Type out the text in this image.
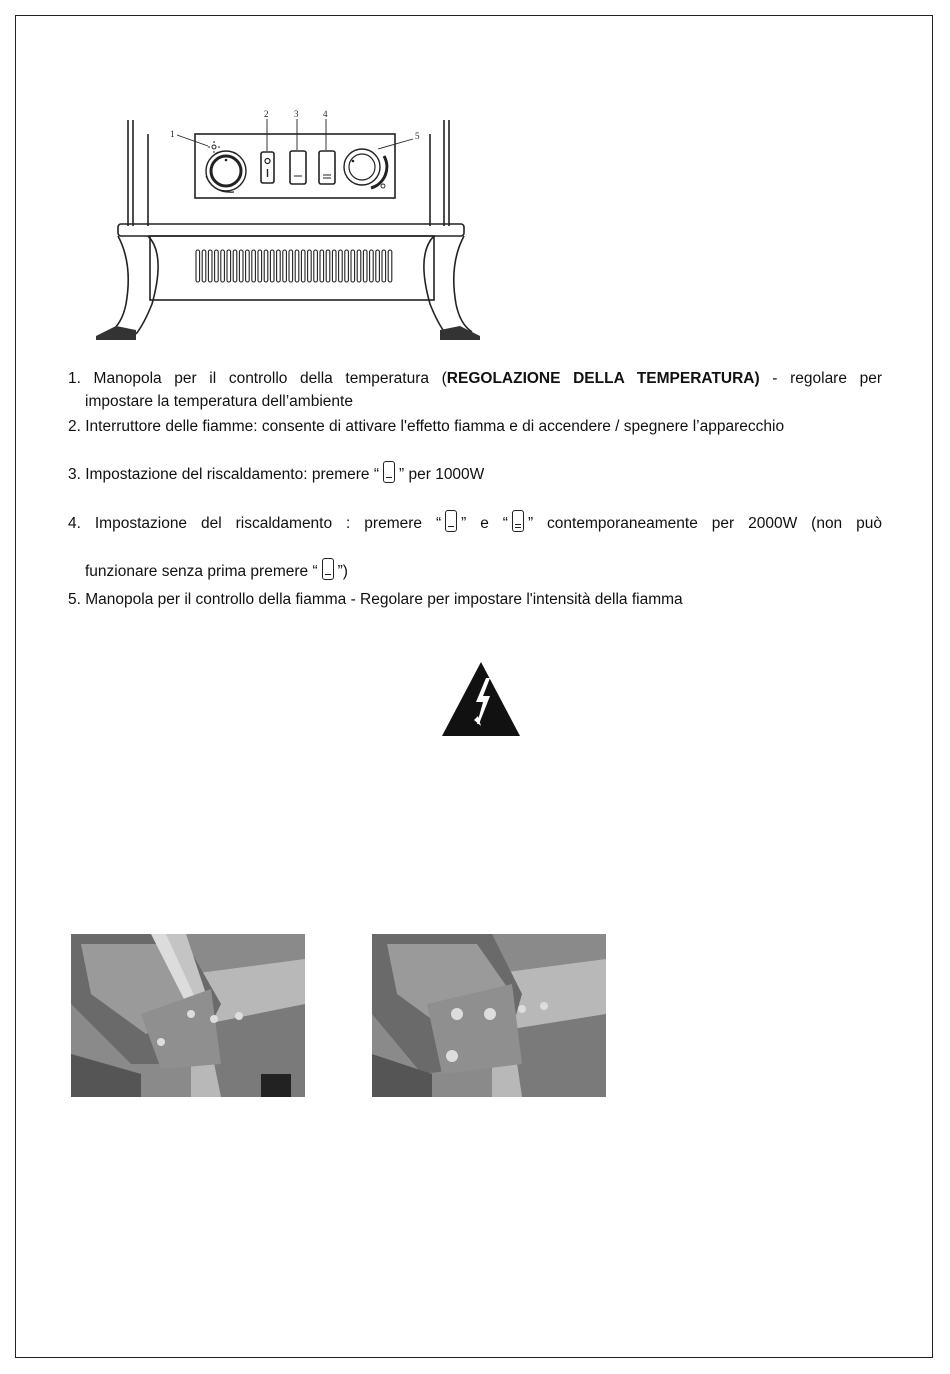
1
2	3	4
5
1. Manopola per il controllo della temperatura (REGOLAZIONE DELLA TEMPERATURA) - regolare per
impostare la temperatura dell’ambiente
2. Interruttore delle fiamme: consente di attivare l'effetto fiamma e di accendere / spegnere l’apparecchio
3. Impostazione del riscaldamento: premere “ ” per 1000W
4. Impostazione del riscaldamento : premere “ ” e “ ” contemporaneamente per 2000W (non può
funzionare senza prima premere “ ”)
5. Manopola per il controllo della fiamma - Regolare per impostare l'intensità della fiamma
